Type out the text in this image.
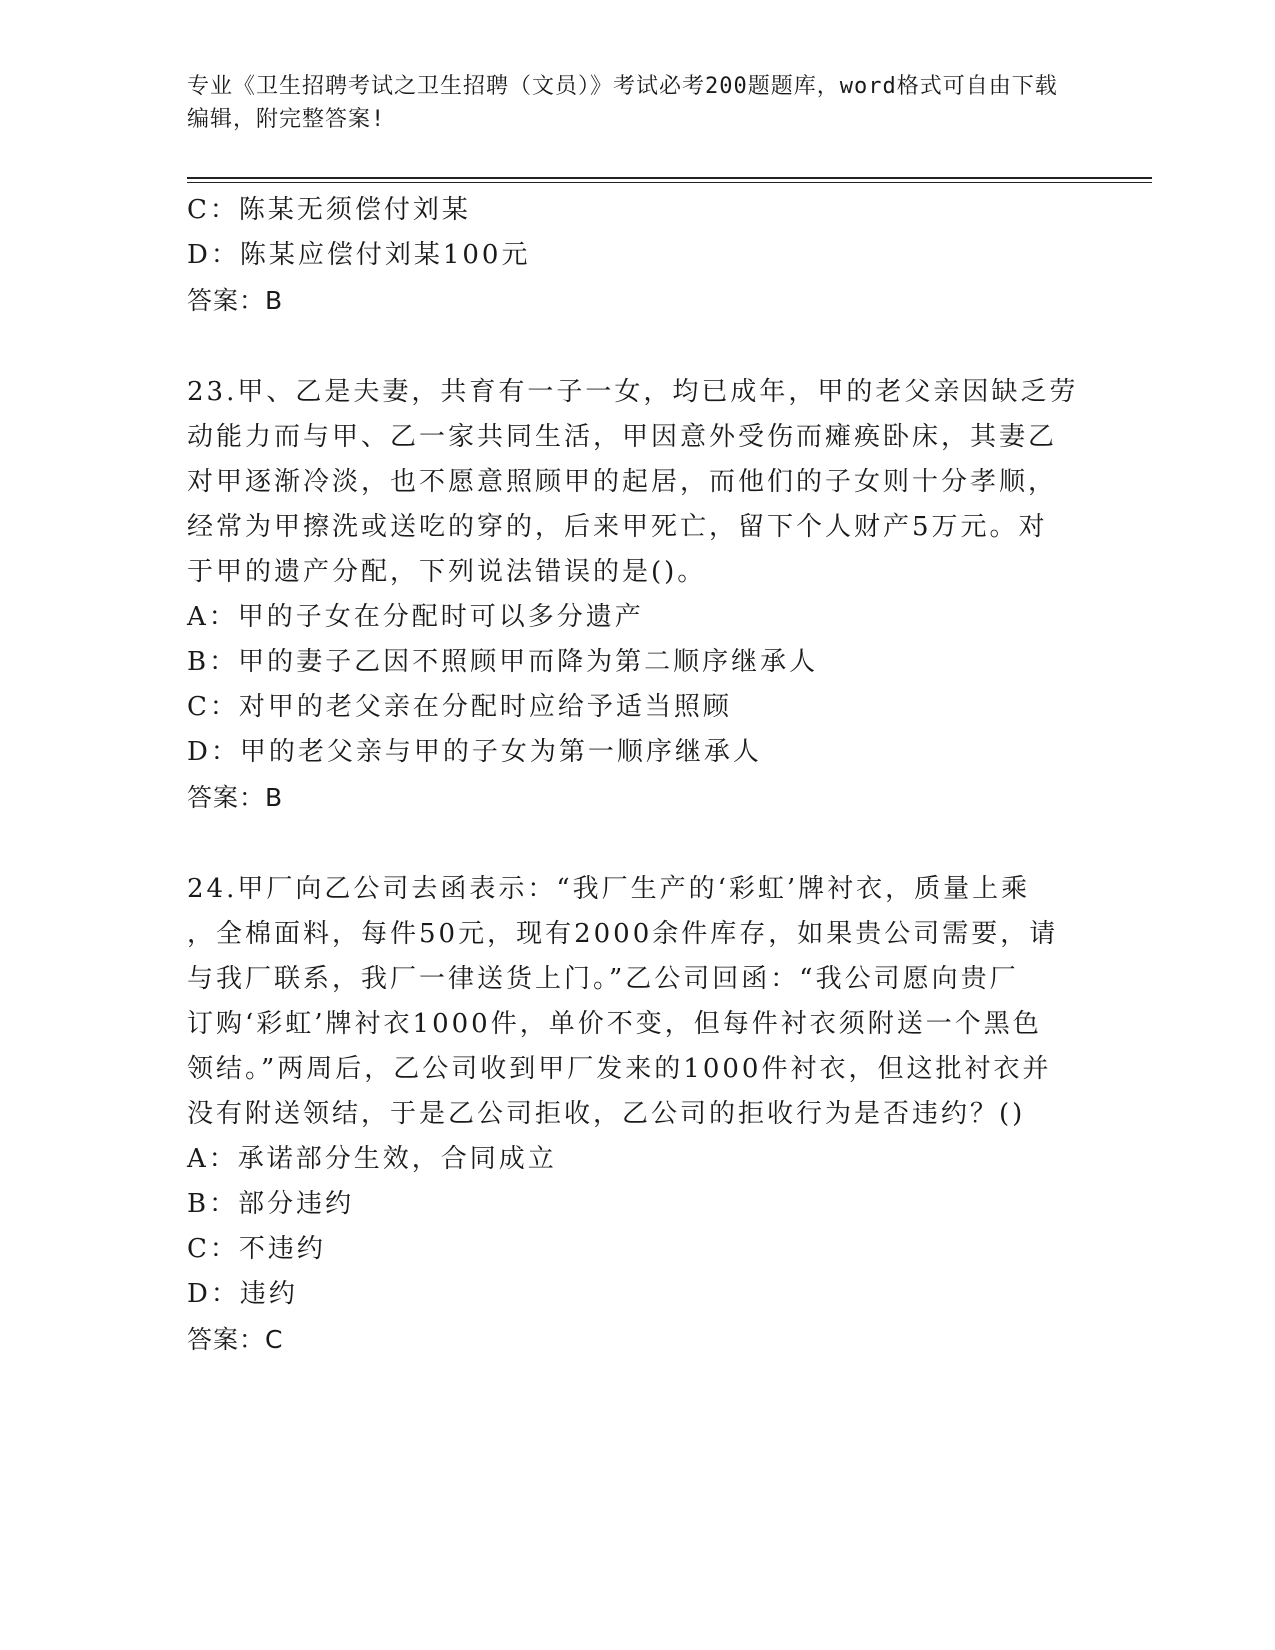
专业《卫生招聘考试之卫生招聘（文员）》考试必考200题题库，word格式可自由下载编辑，附完整答案!
C：陈某无须偿付刘某
D：陈某应偿付刘某100元
答案：B
23.甲、乙是夫妻，共育有一子一女，均已成年，甲的老父亲因缺乏劳
动能力而与甲、乙一家共同生活，甲因意外受伤而瘫痪卧床，其妻乙
对甲逐渐冷淡，也不愿意照顾甲的起居，而他们的子女则十分孝顺，
经常为甲擦洗或送吃的穿的，后来甲死亡，留下个人财产5万元。对
于甲的遗产分配，下列说法错误的是()。
A：甲的子女在分配时可以多分遗产
B：甲的妻子乙因不照顾甲而降为第二顺序继承人
C：对甲的老父亲在分配时应给予适当照顾
D：甲的老父亲与甲的子女为第一顺序继承人
答案：B
24.甲厂向乙公司去函表示：“我厂生产的‘彩虹’牌衬衣，质量上乘
，全棉面料，每件50元，现有2000余件库存，如果贵公司需要，请
与我厂联系，我厂一律送货上门。”乙公司回函：“我公司愿向贵厂
订购‘彩虹’牌衬衣1000件，单价不变，但每件衬衣须附送一个黑色
领结。”两周后，乙公司收到甲厂发来的1000件衬衣，但这批衬衣并
没有附送领结，于是乙公司拒收，乙公司的拒收行为是否违约？()
A：承诺部分生效，合同成立
B：部分违约
C：不违约
D：违约
答案：C
